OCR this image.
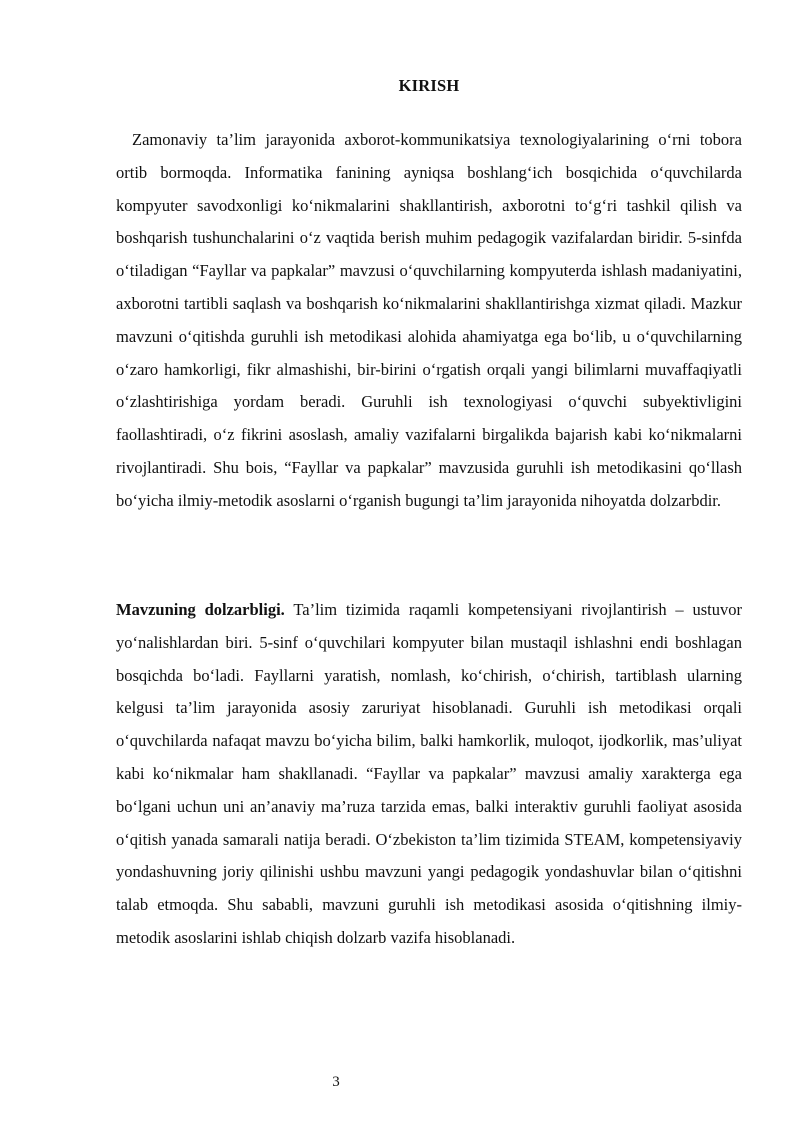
KIRISH

Zamonaviy ta’lim jarayonida axborot-kommunikatsiya texnologiyalarining o‘rni tobora ortib bormoqda. Informatika fanining ayniqsa boshlang‘ich bosqichida o‘quvchilarda kompyuter savodxonligi ko‘nikmalarini shakllantirish, axborotni to‘g‘ri tashkil qilish va boshqarish tushunchalarini o‘z vaqtida berish muhim pedagogik vazifalardan biridir. 5-sinfda o‘tiladigan “Fayllar va papkalar” mavzusi o‘quvchilarning kompyuterda ishlash madaniyatini, axborotni tartibli saqlash va boshqarish ko‘nikmalarini shakllantirishga xizmat qiladi. Mazkur mavzuni o‘qitishda guruhli ish metodikasi alohida ahamiyatga ega bo‘lib, u o‘quvchilarning o‘zaro hamkorligi, fikr almashishi, bir-birini o‘rgatish orqali yangi bilimlarni muvaffaqiyatli o‘zlashtirishiga yordam beradi. Guruhli ish texnologiyasi o‘quvchi subyektivligini faollashtiradi, o‘z fikrini asoslash, amaliy vazifalarni birgalikda bajarish kabi ko‘nikmalarni rivojlantiradi. Shu bois, “Fayllar va papkalar” mavzusida guruhli ish metodikasini qo‘llash bo‘yicha ilmiy-metodik asoslarni o‘rganish bugungi ta’lim jarayonida nihoyatda dolzarbdir.

Mavzuning dolzarbligi. Ta’lim tizimida raqamli kompetensiyani rivojlantirish – ustuvor yo‘nalishlardan biri. 5-sinf o‘quvchilari kompyuter bilan mustaqil ishlashni endi boshlagan bosqichda bo‘ladi. Fayllarni yaratish, nomlash, ko‘chirish, o‘chirish, tartiblash ularning kelgusi ta’lim jarayonida asosiy zaruriyat hisoblanadi. Guruhli ish metodikasi orqali o‘quvchilarda nafaqat mavzu bo‘yicha bilim, balki hamkorlik, muloqot, ijodkorlik, mas’uliyat kabi ko‘nikmalar ham shakllanadi. “Fayllar va papkalar” mavzusi amaliy xarakterga ega bo‘lgani uchun uni an’anaviy ma’ruza tarzida emas, balki interaktiv guruhli faoliyat asosida o‘qitish yanada samarali natija beradi. O‘zbekiston ta’lim tizimida STEAM, kompetensiyaviy yondashuvning joriy qilinishi ushbu mavzuni yangi pedagogik yondashuvlar bilan o‘qitishni talab etmoqda. Shu sababli, mavzuni guruhli ish metodikasi asosida o‘qitishning ilmiy-metodik asoslarini ishlab chiqish dolzarb vazifa hisoblanadi.

3
